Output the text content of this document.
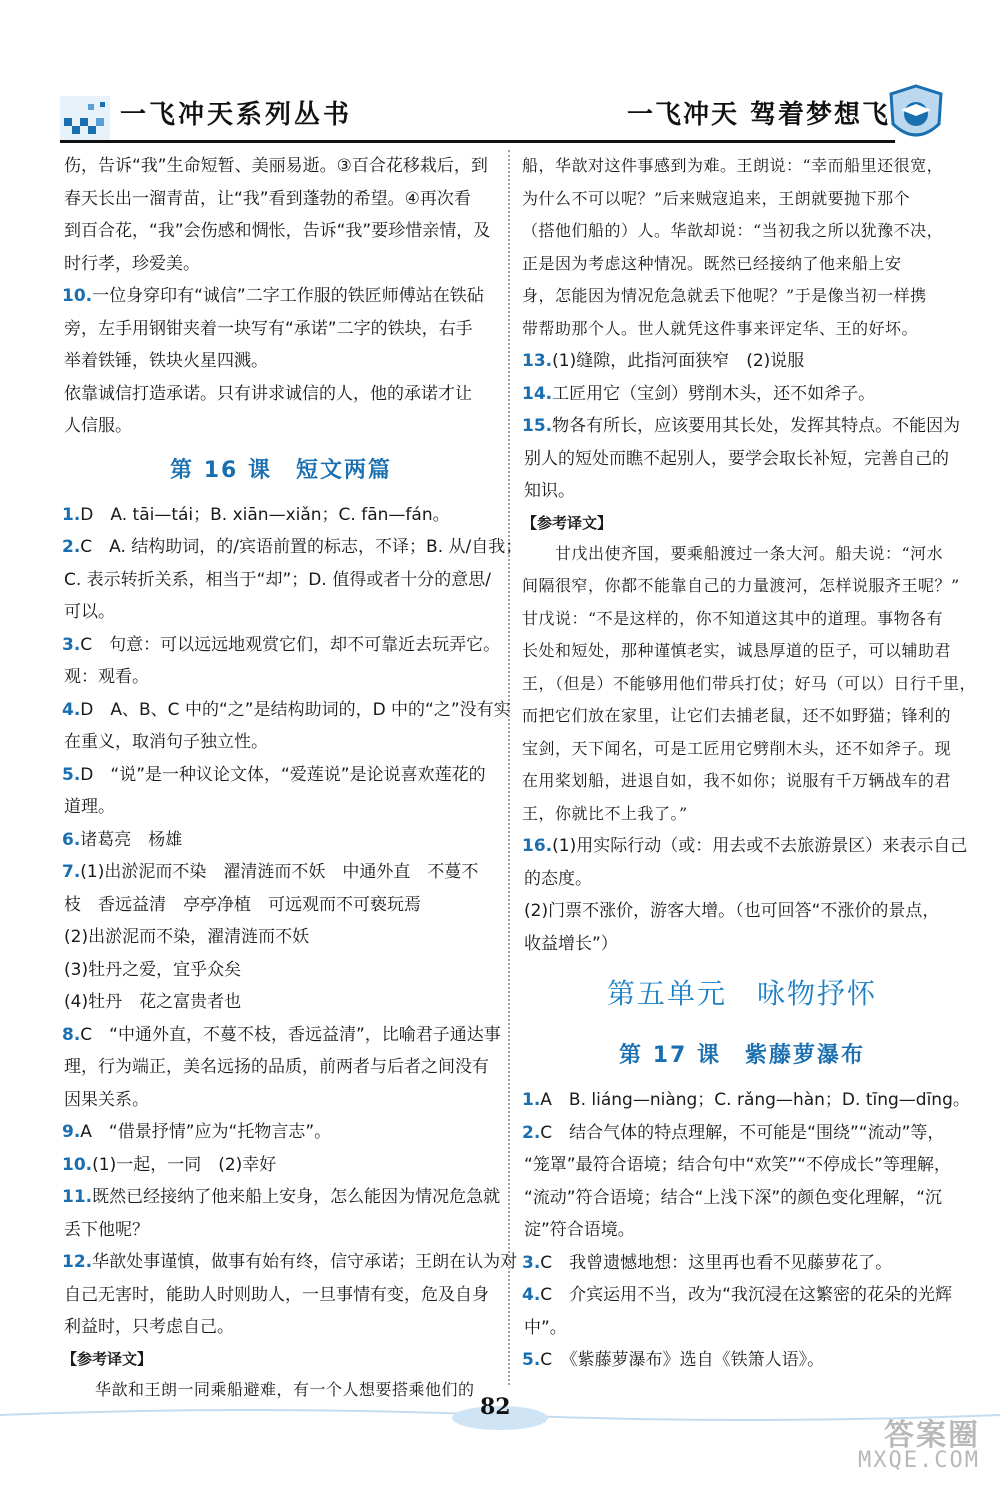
一飞冲天系列丛书	一飞冲天 驾着梦想飞
伤，告诉“我”生命短暂、美丽易逝。③百合花移栽后，到
春天长出一溜青苗，让“我”看到蓬勃的希望。④再次看
到百合花，“我”会伤感和惆怅，告诉“我”要珍惜亲情，及
时行孝，珍爱美。
10.一位身穿印有“诚信”二字工作服的铁匠师傅站在铁砧
旁，左手用钢钳夹着一块写有“承诺”二字的铁块，右手
举着铁锤，铁块火星四溅。
依靠诚信打造承诺。只有讲求诚信的人，他的承诺才让
人信服。
第 16 课　短文两篇
1.D　A. tāi—tái；B. xiān—xiǎn；C. fān—fán。
2.C　A. 结构助词，的/宾语前置的标志，不译；B. 从/自我；
C. 表示转折关系，相当于“却”；D. 值得或者十分的意思/
可以。
3.C　句意：可以远远地观赏它们，却不可靠近去玩弄它。
观：观看。
4.D　A、B、C 中的“之”是结构助词的，D 中的“之”没有实
在重义，取消句子独立性。
5.D　“说”是一种议论文体，“爱莲说”是论说喜欢莲花的
道理。
6.诸葛亮　杨雄
7.(1)出淤泥而不染　濯清涟而不妖　中通外直　不蔓不
枝　香远益清　亭亭净植　可远观而不可亵玩焉
(2)出淤泥而不染，濯清涟而不妖
(3)牡丹之爱，宜乎众矣
(4)牡丹　花之富贵者也
8.C　“中通外直，不蔓不枝，香远益清”，比喻君子通达事
理，行为端正，美名远扬的品质，前两者与后者之间没有
因果关系。
9.A　“借景抒情”应为“托物言志”。
10.(1)一起，一同　(2)幸好
11.既然已经接纳了他来船上安身，怎么能因为情况危急就
丢下他呢？
12.华歆处事谨慎，做事有始有终，信守承诺；王朗在认为对
自己无害时，能助人时则助人，一旦事情有变，危及自身
利益时，只考虑自己。
【参考译文】
　　华歆和王朗一同乘船避难，有一个人想要搭乘他们的
船，华歆对这件事感到为难。王朗说：“幸而船里还很宽，
为什么不可以呢？”后来贼寇追来，王朗就要抛下那个
（搭他们船的）人。华歆却说：“当初我之所以犹豫不决，
正是因为考虑这种情况。既然已经接纳了他来船上安
身，怎能因为情况危急就丢下他呢？”于是像当初一样携
带帮助那个人。世人就凭这件事来评定华、王的好坏。
13.(1)缝隙，此指河面狭窄　(2)说服
14.工匠用它（宝剑）劈削木头，还不如斧子。
15.物各有所长，应该要用其长处，发挥其特点。不能因为
别人的短处而瞧不起别人，要学会取长补短，完善自己的
知识。
【参考译文】
　　甘戊出使齐国，要乘船渡过一条大河。船夫说：“河水
间隔很窄，你都不能靠自己的力量渡河，怎样说服齐王呢？”
甘戊说：“不是这样的，你不知道这其中的道理。事物各有
长处和短处，那种谨慎老实，诚恳厚道的臣子，可以辅助君
王，（但是）不能够用他们带兵打仗；好马（可以）日行千里，
而把它们放在家里，让它们去捕老鼠，还不如野猫；锋利的
宝剑，天下闻名，可是工匠用它劈削木头，还不如斧子。现
在用桨划船，进退自如，我不如你；说服有千万辆战车的君
王，你就比不上我了。”
16.(1)用实际行动（或：用去或不去旅游景区）来表示自己
的态度。
(2)门票不涨价，游客大增。（也可回答“不涨价的景点，
收益增长”）
第五单元　咏物抒怀
第 17 课　紫藤萝瀑布
1.A　B. liáng—niàng；C. rǎng—hàn；D. tīng—dīng。
2.C　结合气体的特点理解，不可能是“围绕”“流动”等，
“笼罩”最符合语境；结合句中“欢笑”“不停成长”等理解，
“流动”符合语境；结合“上浅下深”的颜色变化理解，“沉
淀”符合语境。
3.C　我曾遗憾地想：这里再也看不见藤萝花了。
4.C　介宾运用不当，改为“我沉浸在这繁密的花朵的光辉
中”。
5.C　《紫藤萝瀑布》选自《铁箫人语》。
82
答案圈
MXQE.COM
